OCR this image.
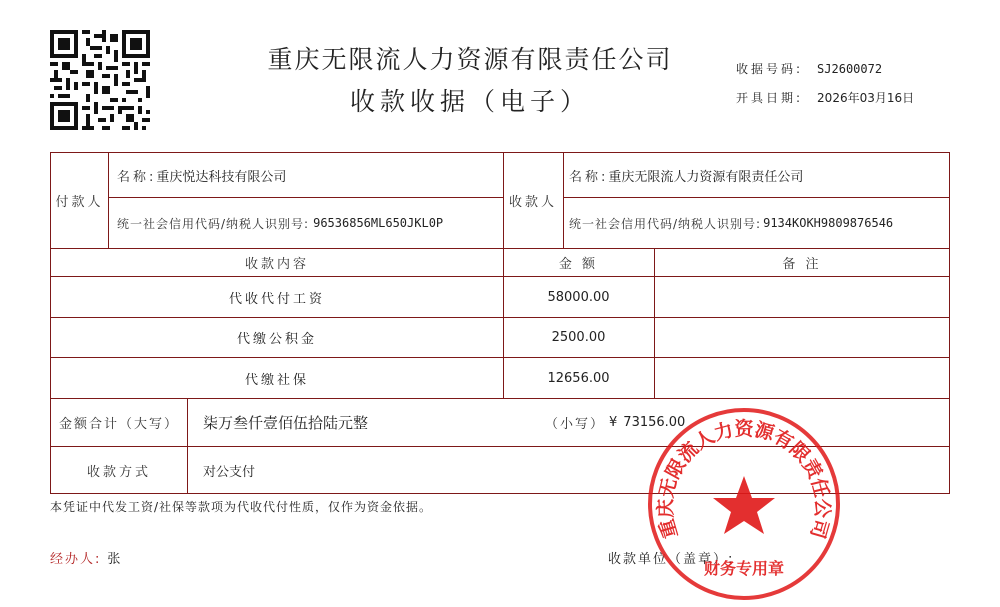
重庆无限流人力资源有限责任公司
收款收据（电子）
收据号码: SJ2600072
开具日期: 2026年03月16日
付款人
名称: 重庆悦达科技有限公司
统一社会信用代码/纳税人识别号: 96536856ML650JKL0P
收款人
名称: 重庆无限流人力资源有限责任公司
统一社会信用代码/纳税人识别号: 9134KOKH9809876546
收款内容	金 额	备 注
代收代付工资	58000.00
代缴公积金	2500.00
代缴社保	12656.00
金额合计（大写）	柒万叁仟壹佰伍拾陆元整	（小写） ¥ 73156.00
收款方式	对公支付
本凭证中代发工资/社保等款项为代收代付性质，仅作为资金依据。
经办人: 张	收款单位（盖章）:
重庆无限流人力资源有限责任公司
财务专用章
